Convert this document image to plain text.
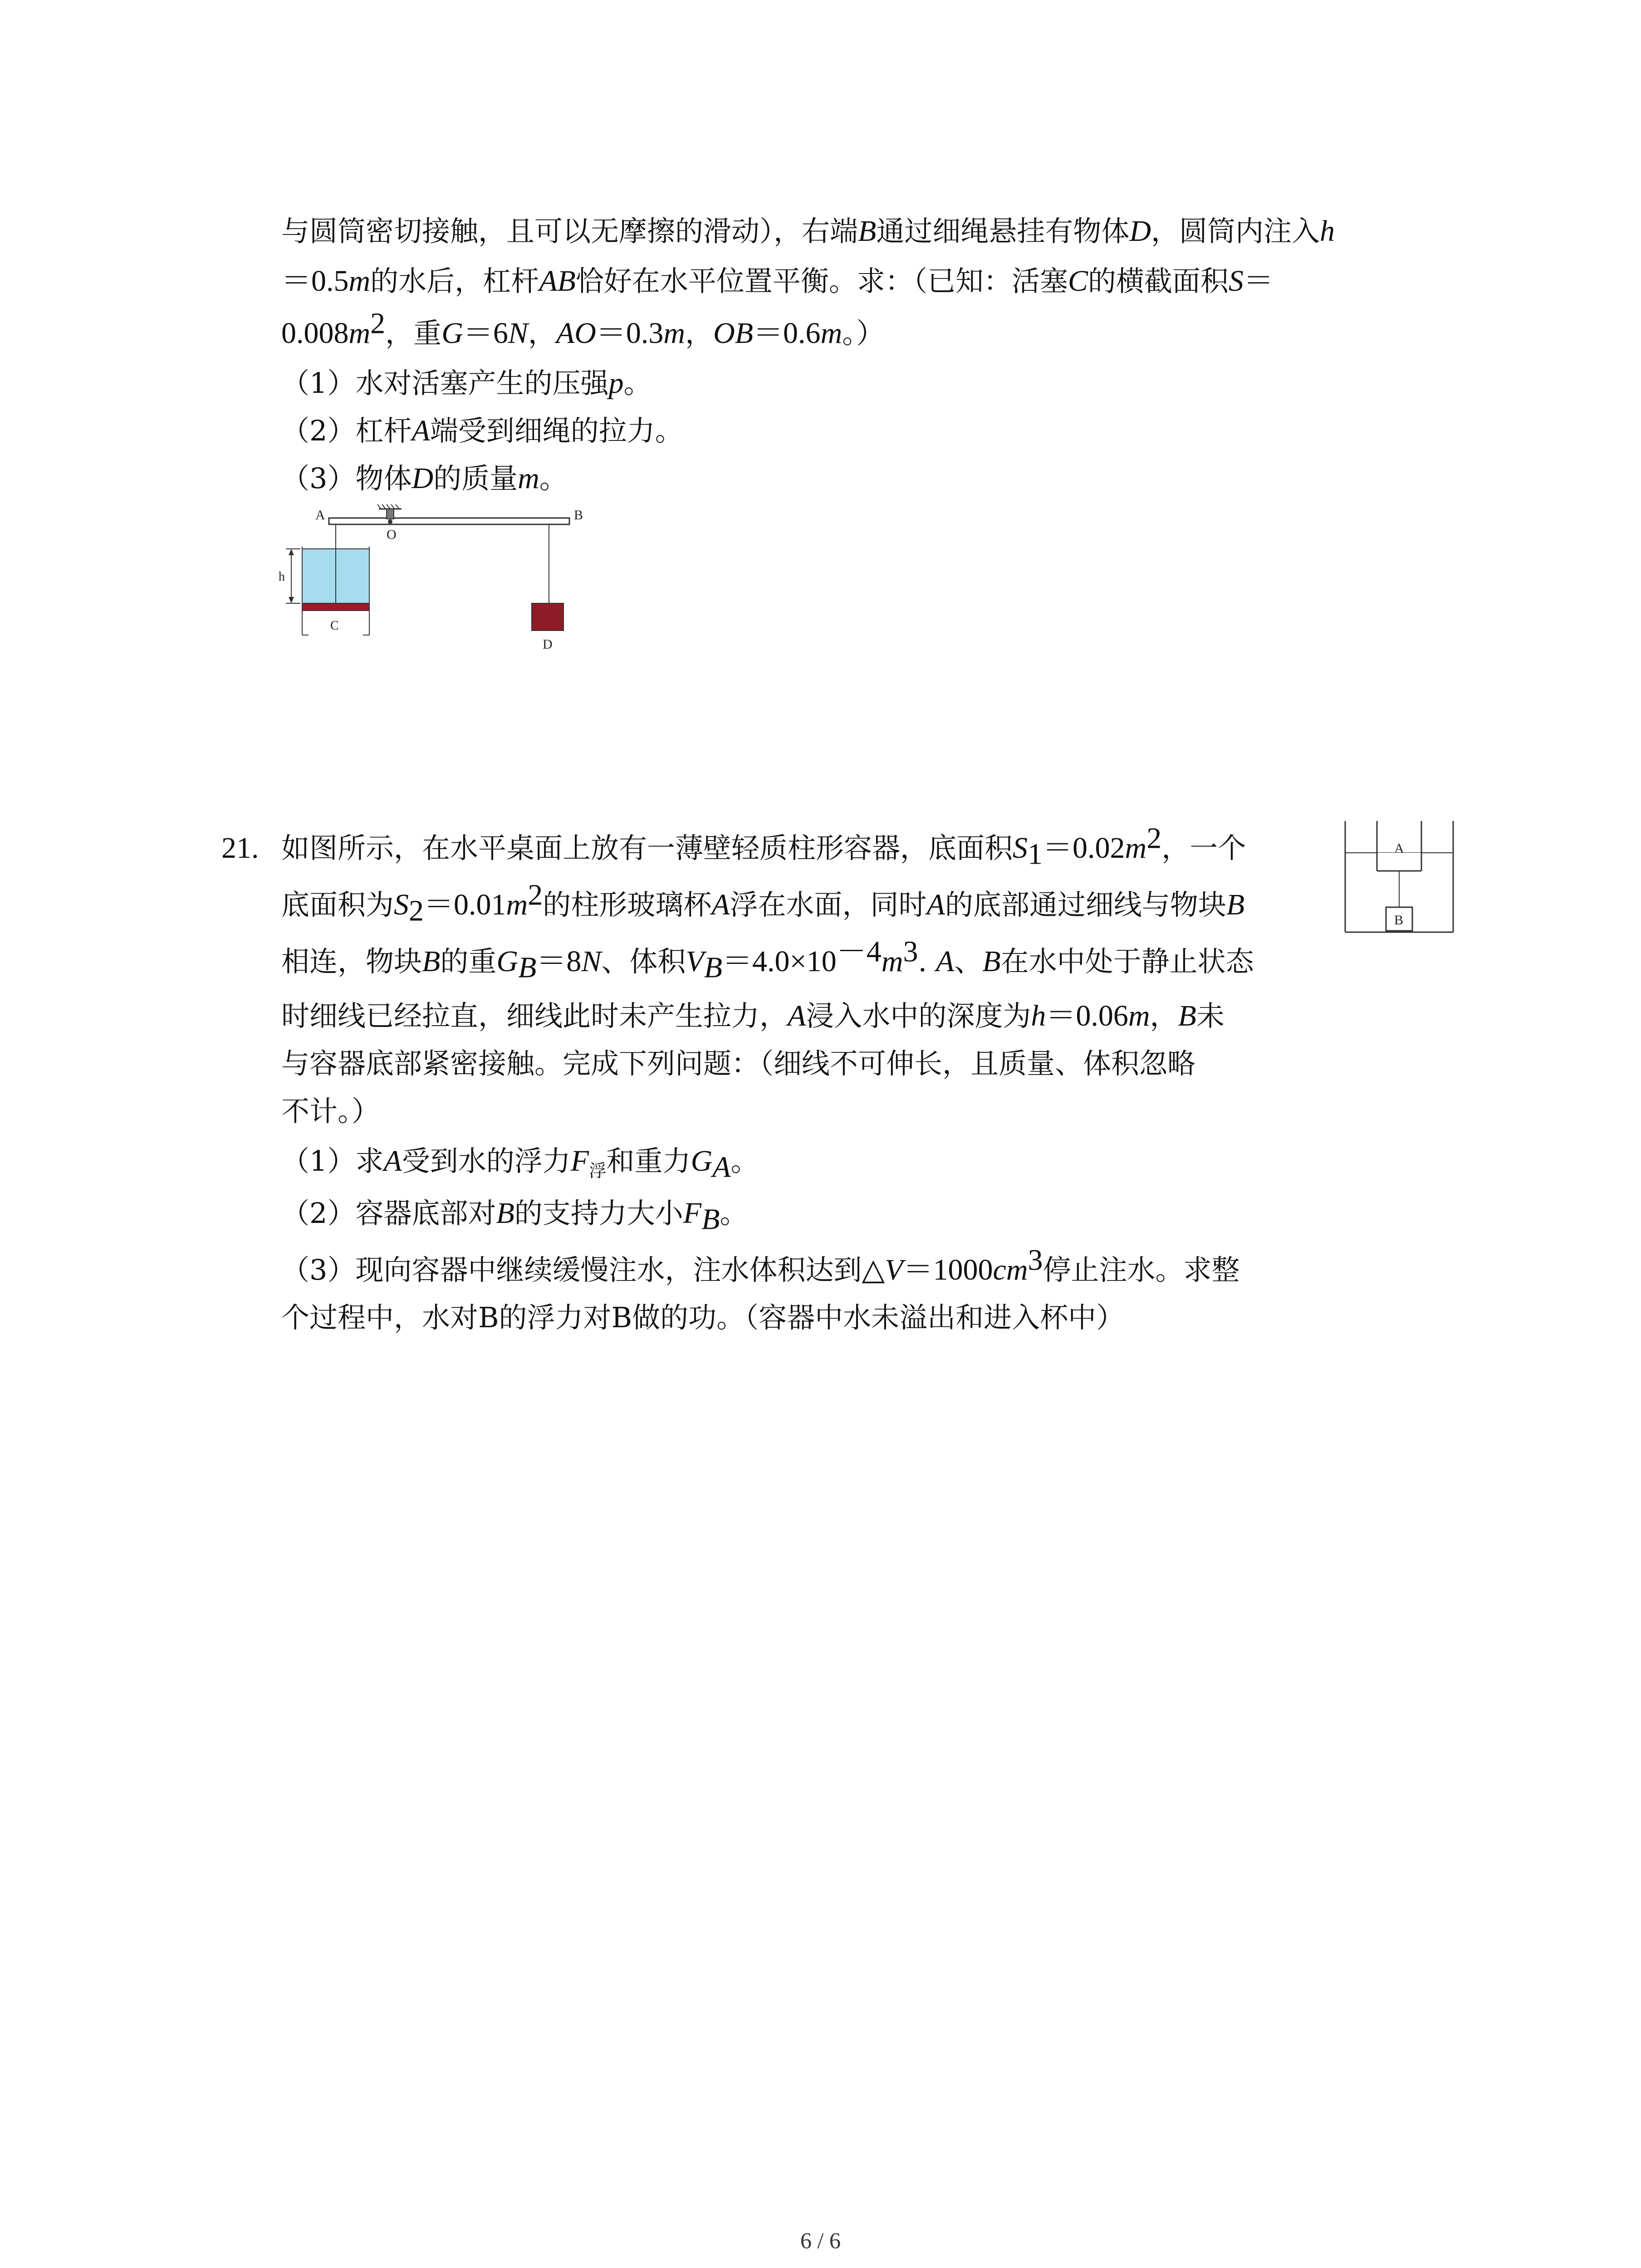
与圆筒密切接触，且可以无摩擦的滑动），右端B通过细绳悬挂有物体D，圆筒内注入h
＝0.5m的水后，杠杆AB恰好在水平位置平衡。求：（已知：活塞C的横截面积S＝
$0.008m^2$，重G＝6N，AO＝0.3m，OB＝0.6m。）
（1）水对活塞产生的压强p。
（2）杠杆A端受到细绳的拉力。
（3）物体D的质量m。
O
A	B
C
h
D
21. 如图所示，在水平桌面上放有一薄壁轻质柱形容器，底面积$S_1=0.02m^2$，一个
底面积为$S_2=0.01m^2$的柱形玻璃杯A浮在水面，同时A的底部通过细线与物块B
相连，物块B的重$G_B=8N$、体积$V_B=4.0\times 10^{-4}m^3$. A、B在水中处于静止状态
时细线已经拉直，细线此时未产生拉力，A浸入水中的深度为h＝0.06m，B未
与容器底部紧密接触。完成下列问题：（细线不可伸长，且质量、体积忽略
不计。）
（1）求A受到水的浮力$F_浮$和重力$G_A$。
（2）容器底部对B的支持力大小$F_B$。
（3）现向容器中继续缓慢注水，注水体积达到$\triangle V=1000cm^3$停止注水。求整
个过程中，水对B的浮力对B做的功。（容器中水未溢出和进入杯中）
A
B
6 / 6
